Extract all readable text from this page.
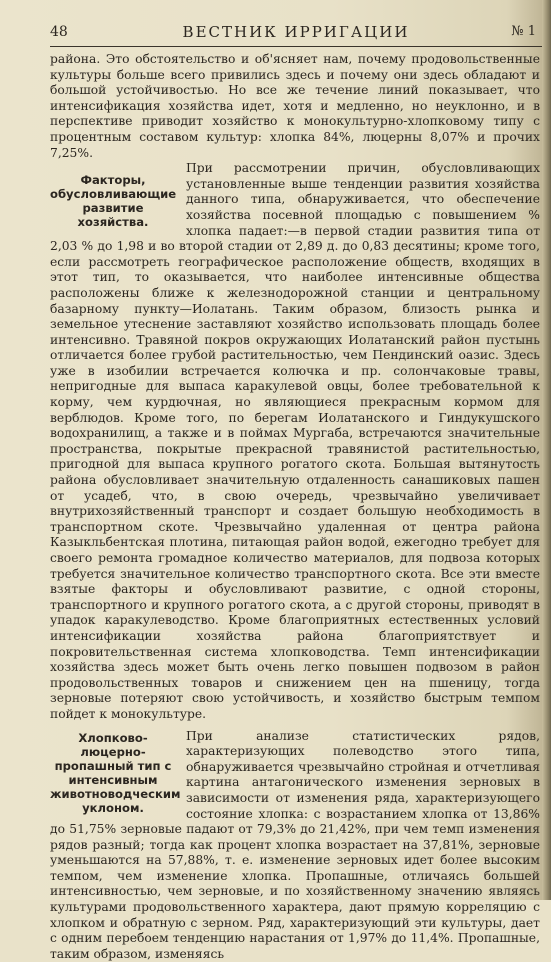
48	ВЕСТНИК ИРРИГАЦИИ	№ 1

района. Это обстоятельство и об'ясняет нам, почему продовольственные культуры больше всего привились здесь и почему они здесь обладают и большой устойчивостью. Но все же течение линий показывает, что интенсификация хозяйства идет, хотя и медленно, но неуклонно, и в перспективе приводит хозяйство к монокультурно-хлопковому типу с процентным составом культур: хлопка 84%, люцерны 8,07% и прочих 7,25%.

Факторы, обусловливающие развитие хозяйства.

При рассмотрении причин, обусловливающих установленные выше тенденции развития хозяйства данного типа, обнаруживается, что обеспечение хозяйства посевной площадью с повышением % хлопка падает:—в первой стадии развития типа от 2,03 % до 1,98 и во второй стадии от 2,89 д. до 0,83 десятины; кроме того, если рассмотреть географическое расположение обществ, входящих в этот тип, то оказывается, что наиболее интенсивные общества расположены ближе к железнодорожной станции и центральному базарному пункту—Иолатань. Таким образом, близость рынка и земельное утеснение заставляют хозяйство использовать площадь более интенсивно. Травяной покров окружающих Иолатанский район пустынь отличается более грубой растительностью, чем Пендинский оазис. Здесь уже в изобилии встречается колючка и пр. солончаковые травы, непригодные для выпаса каракулевой овцы, более требовательной к корму, чем курдючная, но являющиеся прекрасным кормом для верблюдов. Кроме того, по берегам Иолатанского и Гиндукушского водохранилищ, а также и в поймах Мургаба, встречаются значительные пространства, покрытые прекрасной травянистой растительностью, пригодной для выпаса крупного рогатого скота. Большая вытянутость района обусловливает значительную отдаленность санашиковых пашен от усадеб, что, в свою очередь, чрезвычайно увеличивает внутрихозяйственный транспорт и создает большую необходимость в транспортном скоте. Чрезвычайно удаленная от центра района Казыкльбентская плотина, питающая район водой, ежегодно требует для своего ремонта громадное количество материалов, для подвоза которых требуется значительное количество транспортного скота. Все эти вместе взятые факторы и обусловливают развитие, с одной стороны, транспортного и крупного рогатого скота, а с другой стороны, приводят в упадок каракулеводство. Кроме благоприятных естественных условий интенсификации хозяйства района благоприятствует и покровительственная система хлопководства. Темп интенсификации хозяйства здесь может быть очень легко повышен подвозом в район продовольственных товаров и снижением цен на пшеницу, тогда зерновые потеряют свою устойчивость, и хозяйство быстрым темпом пойдет к монокультуре.

Хлопково-люцерно-пропашный тип с интенсивным животноводческим уклоном.

При анализе статистических рядов, характеризующих полеводство этого типа, обнаруживается чрезвычайно стройная и отчетливая картина антагонического изменения зерновых в зависимости от изменения ряда, характеризующего состояние хлопка: с возрастанием хлопка от 13,86% до 51,75% зерновые падают от 79,3% до 21,42%, при чем темп изменения рядов разный; тогда как процент хлопка возрастает на 37,81%, зерновые уменьшаются на 57,88%, т. е. изменение зерновых идет более высоким темпом, чем изменение хлопка. Пропашные, отличаясь большей интенсивностью, чем зерновые, и по хозяйственному значению являясь культурами продовольственного характера, дают прямую корреляцию с хлопком и обратную с зерном. Ряд, характеризующий эти культуры, дает с одним перебоем тенденцию нарастания от 1,97% до 11,4%. Пропашные, таким образом, изменяясь
